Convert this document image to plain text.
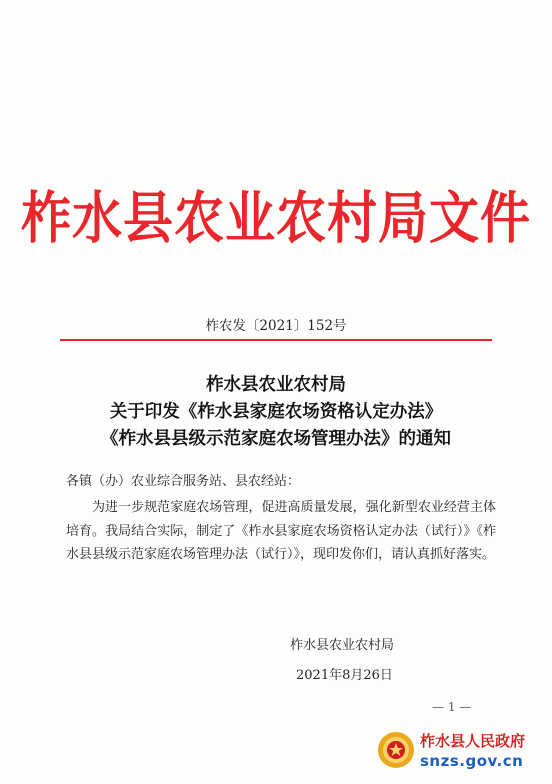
柞水县农业农村局文件
柞农发〔2021〕152号
柞水县农业农村局
关于印发《柞水县家庭农场资格认定办法》
《柞水县县级示范家庭农场管理办法》的通知
各镇（办）农业综合服务站、县农经站：

为进一步规范家庭农场管理，促进高质量发展，强化新型农业经营主体培育。我局结合实际，制定了《柞水县家庭农场资格认定办法（试行）》《柞水县县级示范家庭农场管理办法（试行）》，现印发你们，请认真抓好落实。

柞水县农业农村局
2021年8月26日
— 1 —
柞水县人民政府
snzs.gov.cn
